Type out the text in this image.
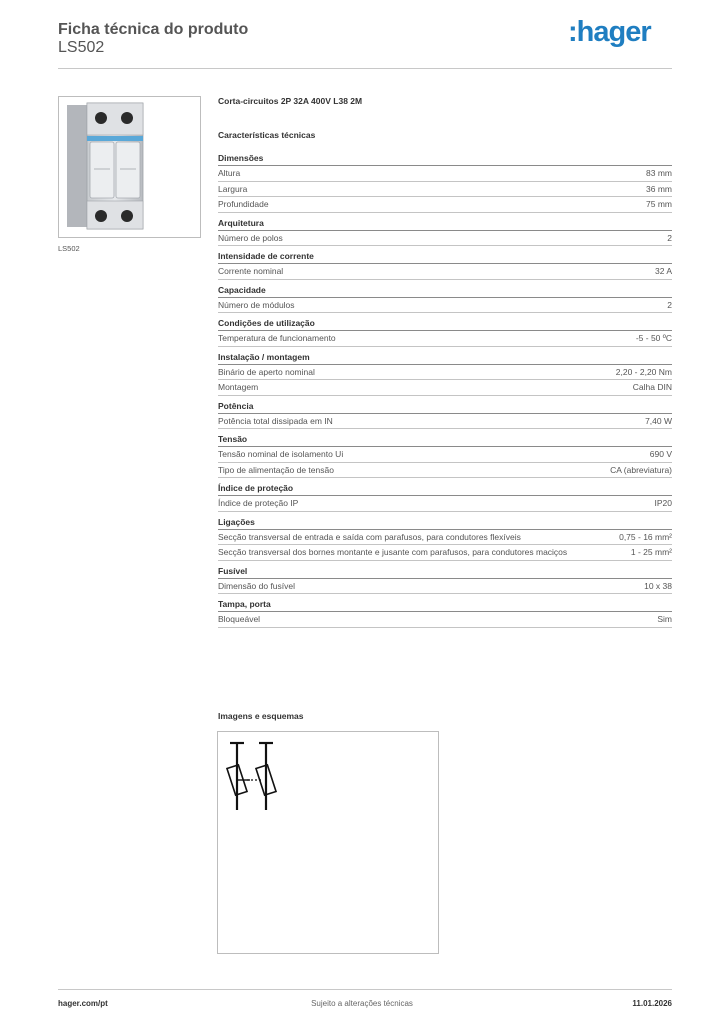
Ficha técnica do produto
LS502	:hager
LS502
Corta-circuitos 2P 32A 400V L38 2M
Características técnicas
Dimensões
Altura	83 mm
Largura	36 mm
Profundidade	75 mm
Arquitetura
Número de polos	2
Intensidade de corrente
Corrente nominal	32 A
Capacidade
Número de módulos	2
Condições de utilização
Temperatura de funcionamento	-5 - 50 ºC
Instalação / montagem
Binário de aperto nominal	2,20 - 2,20 Nm
Montagem	Calha DIN
Potência
Potência total dissipada em IN	7,40 W
Tensão
Tensão nominal de isolamento Ui	690 V
Tipo de alimentação de tensão	CA (abreviatura)
Índice de proteção
Índice de proteção IP	IP20
Ligações
Secção transversal de entrada e saída com parafusos, para condutores flexíveis	0,75 - 16 mm²
Secção transversal dos bornes montante e jusante com parafusos, para condutores maciços	1 - 25 mm²
Fusível
Dimensão do fusível	10 x 38
Tampa, porta
Bloqueável	Sim
Imagens e esquemas
hager.com/pt	Sujeito a alterações técnicas	11.01.2026
